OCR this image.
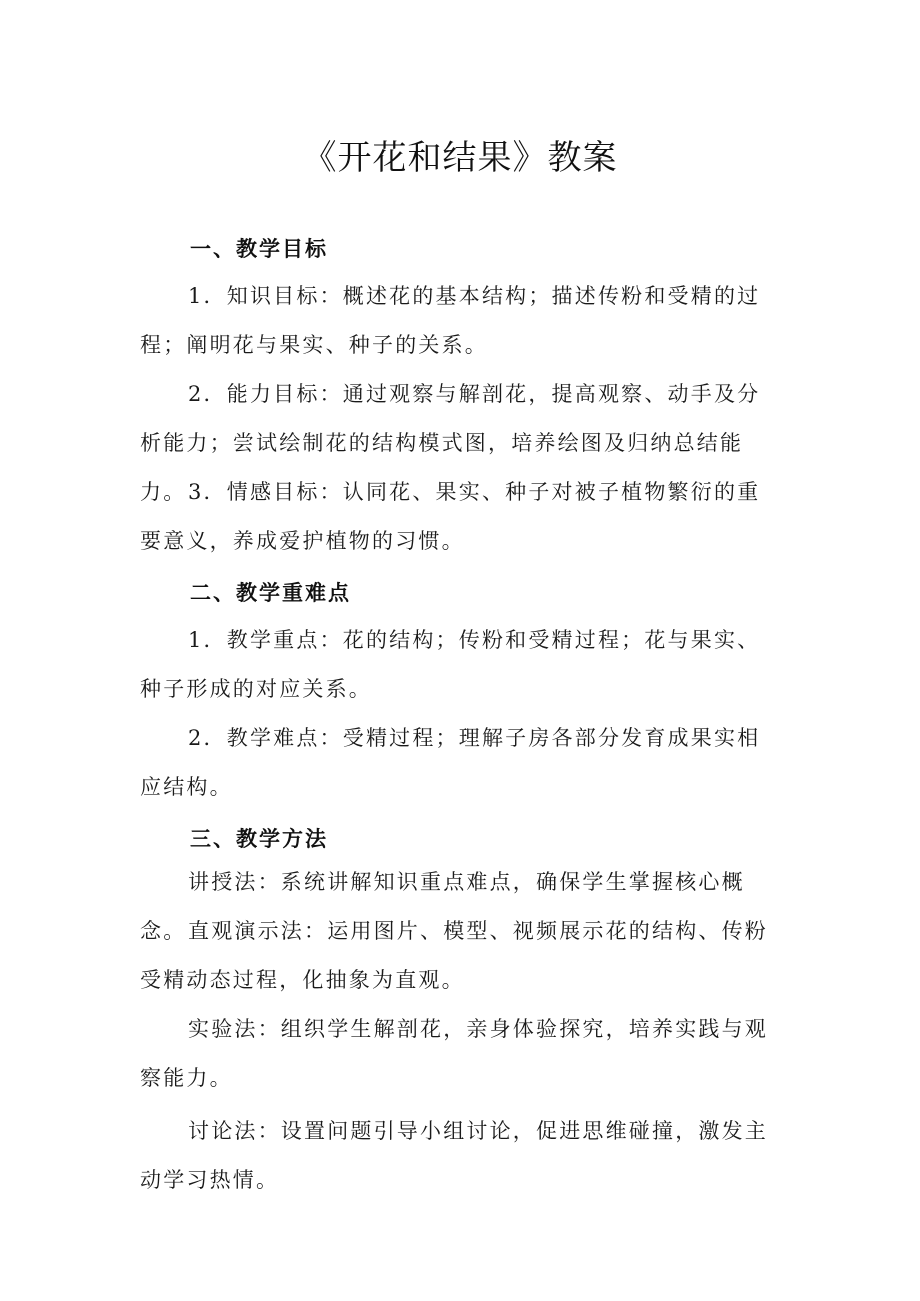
《开花和结果》教案
一、教学目标
1．知识目标：概述花的基本结构；描述传粉和受精的过程；阐明花与果实、种子的关系。
2．能力目标：通过观察与解剖花，提高观察、动手及分析能力；尝试绘制花的结构模式图，培养绘图及归纳总结能力。 3．情感目标：认同花、果实、种子对被子植物繁衍的重要意义，养成爱护植物的习惯。
二、教学重难点
1．教学重点：花的结构；传粉和受精过程；花与果实、种子形成的对应关系。
2．教学难点：受精过程；理解子房各部分发育成果实相应结构。
三、教学方法
讲授法：系统讲解知识重点难点，确保学生掌握核心概念。 直观演示法：运用图片、模型、视频展示花的结构、传粉受精动态过程，化抽象为直观。
实验法：组织学生解剖花，亲身体验探究，培养实践与观察能力。
讨论法：设置问题引导小组讨论，促进思维碰撞，激发主动学习热情。
